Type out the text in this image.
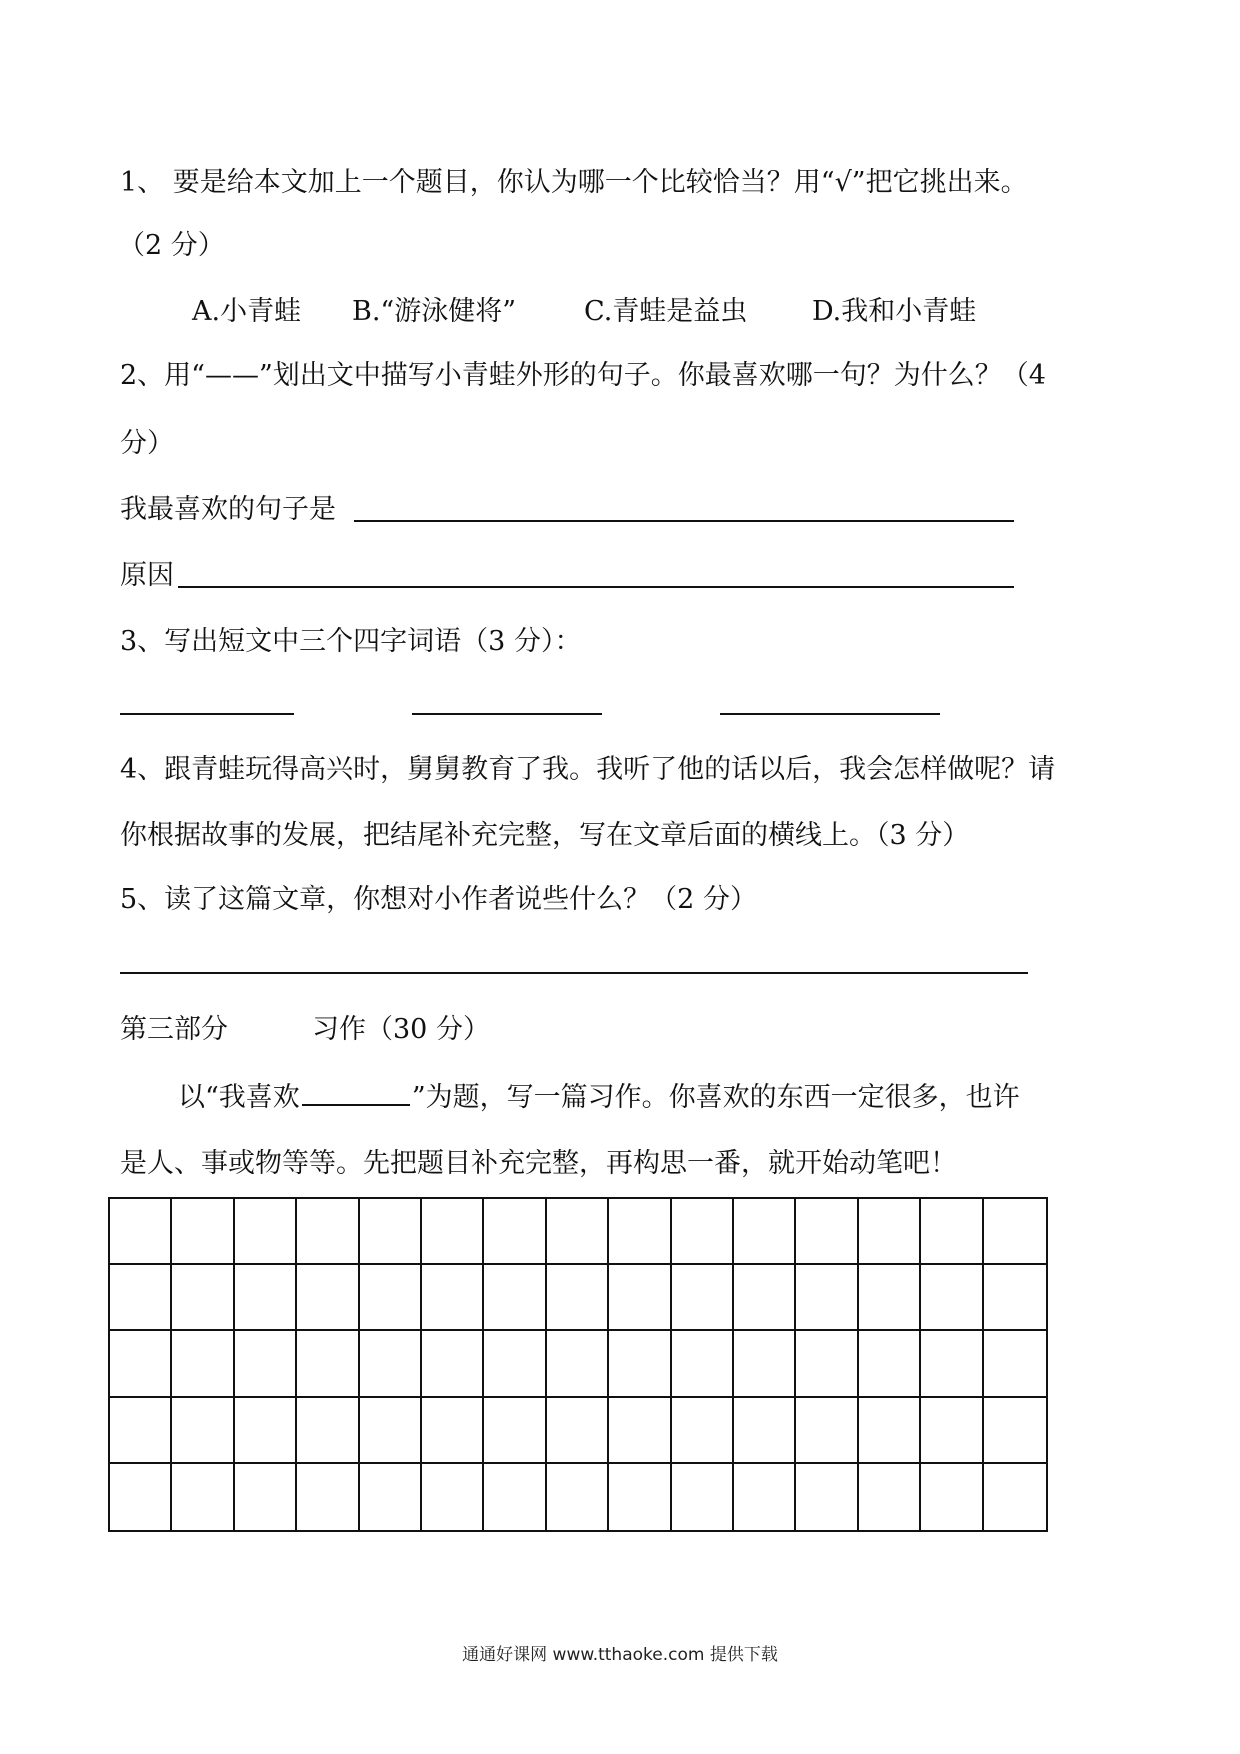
1、 要是给本文加上一个题目，你认为哪一个比较恰当？用“√”把它挑出来。
（2 分）
A.小青蛙 B.“游泳健将”	C.青蛙是益虫 D.我和小青蛙
2、用“——”划出文中描写小青蛙外形的句子。你最喜欢哪一句？为什么？（4
分）
我最喜欢的句子是
原因
3、写出短文中三个四字词语（3 分）：
4、跟青蛙玩得高兴时，舅舅教育了我。我听了他的话以后，我会怎样做呢？请
你根据故事的发展，把结尾补充完整，写在文章后面的横线上。（3 分）
5、读了这篇文章，你想对小作者说些什么？（2 分）
第三部分	习作（30 分）
以“我喜欢	”为题，写一篇习作。你喜欢的东西一定很多，也许
是人、事或物等等。先把题目补充完整，再构思一番，就开始动笔吧！
通通好课网 www.tthaoke.com 提供下载
